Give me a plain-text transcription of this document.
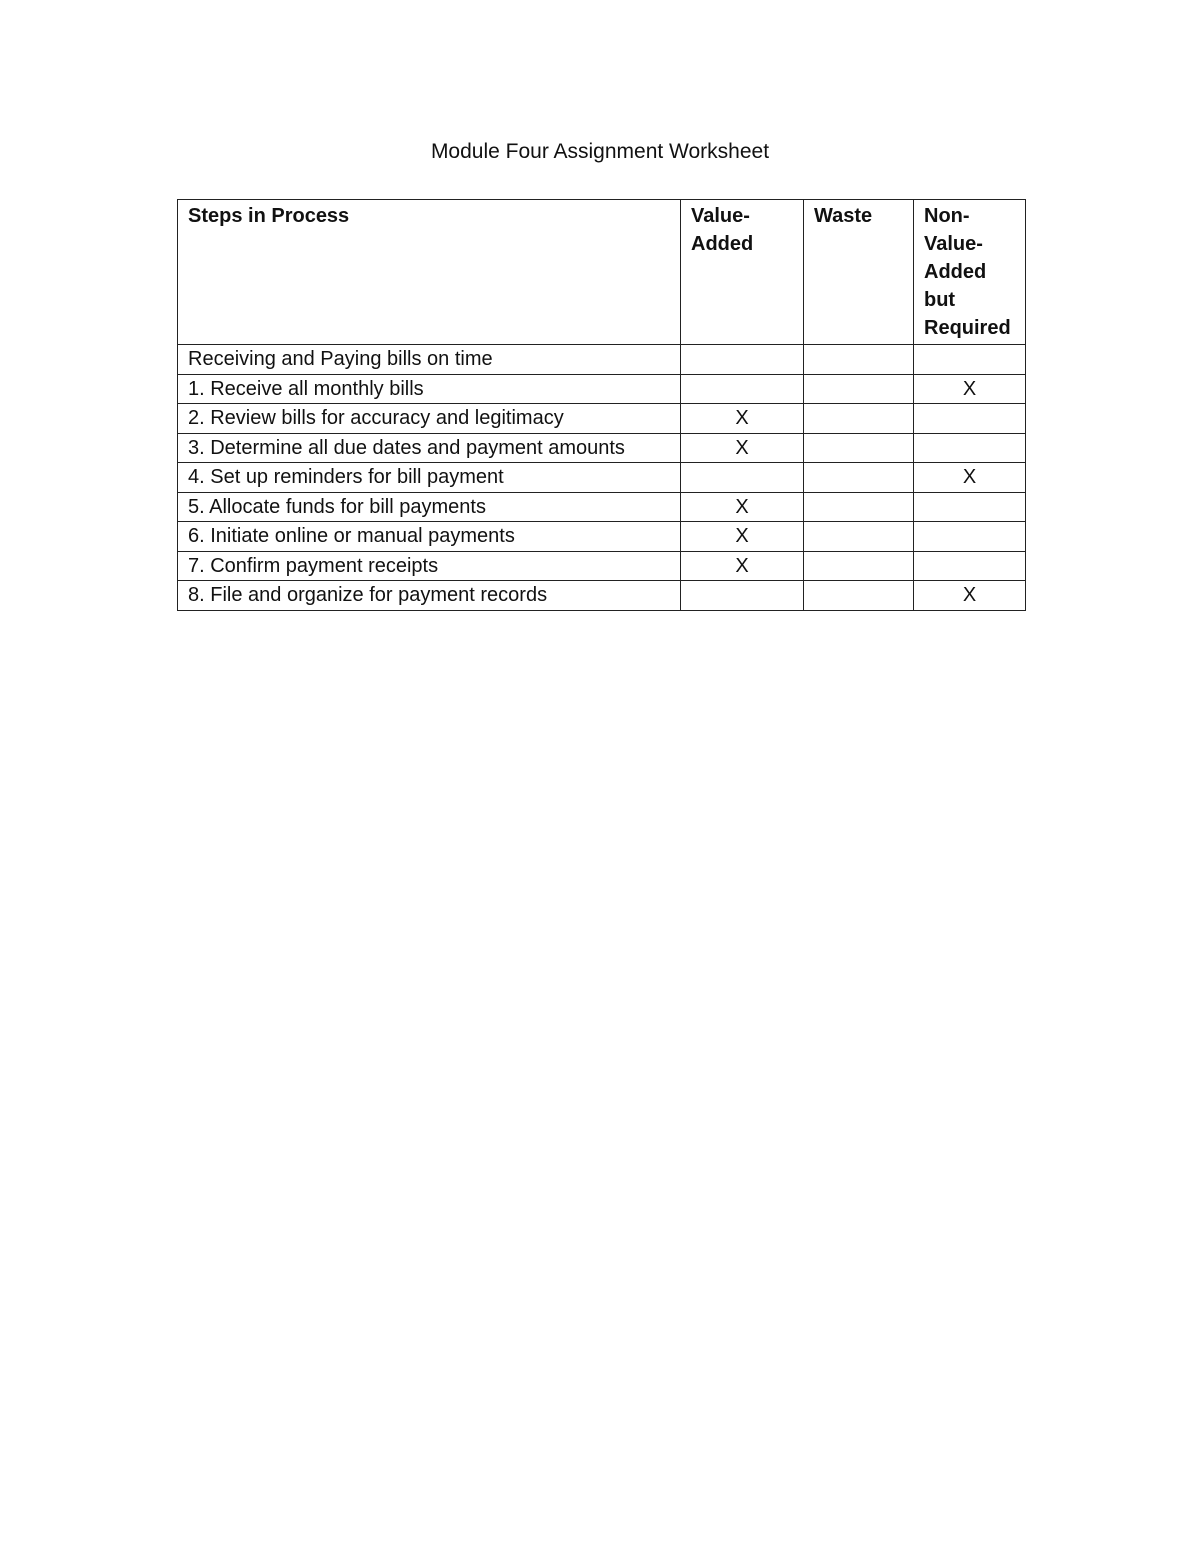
Module Four Assignment Worksheet
Steps in Process	Value-Added	Waste	Non-Value-Added but Required
Receiving and Paying bills on time			
1. Receive all monthly bills			X
2. Review bills for accuracy and legitimacy	X		
3. Determine all due dates and payment amounts	X		
4. Set up reminders for bill payment			X
5. Allocate funds for bill payments	X		
6. Initiate online or manual payments	X		
7. Confirm payment receipts	X		
8. File and organize for payment records			X
